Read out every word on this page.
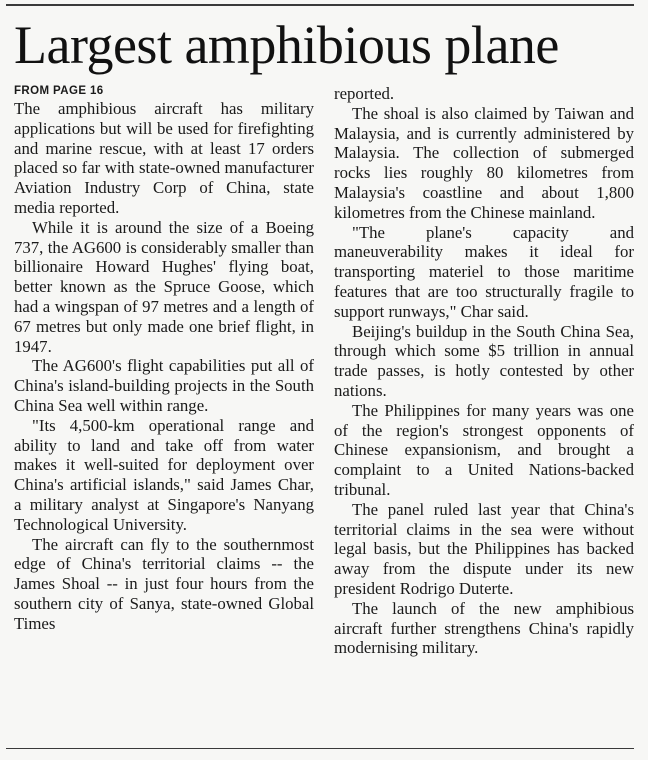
Largest amphibious plane
FROM PAGE 16

The amphibious aircraft has military applications but will be used for firefighting and marine rescue, with at least 17 orders placed so far with state-owned manufacturer Aviation Industry Corp of China, state media reported.

While it is around the size of a Boeing 737, the AG600 is considerably smaller than billionaire Howard Hughes' flying boat, better known as the Spruce Goose, which had a wingspan of 97 metres and a length of 67 metres but only made one brief flight, in 1947.

The AG600's flight capabilities put all of China's island-building projects in the South China Sea well within range.

"Its 4,500-km operational range and ability to land and take off from water makes it well-suited for deployment over China's artificial islands," said James Char, a military analyst at Singapore's Nanyang Technological University.

The aircraft can fly to the southernmost edge of China's territorial claims -- the James Shoal -- in just four hours from the southern city of Sanya, state-owned Global Times

reported.

The shoal is also claimed by Taiwan and Malaysia, and is currently administered by Malaysia. The collection of submerged rocks lies roughly 80 kilometres from Malaysia's coastline and about 1,800 kilometres from the Chinese mainland.

"The plane's capacity and maneuverability makes it ideal for transporting materiel to those maritime features that are too structurally fragile to support runways," Char said.

Beijing's buildup in the South China Sea, through which some $5 trillion in annual trade passes, is hotly contested by other nations.

The Philippines for many years was one of the region's strongest opponents of Chinese expansionism, and brought a complaint to a United Nations-backed tribunal.

The panel ruled last year that China's territorial claims in the sea were without legal basis, but the Philippines has backed away from the dispute under its new president Rodrigo Duterte.

The launch of the new amphibious aircraft further strengthens China's rapidly modernising military.
